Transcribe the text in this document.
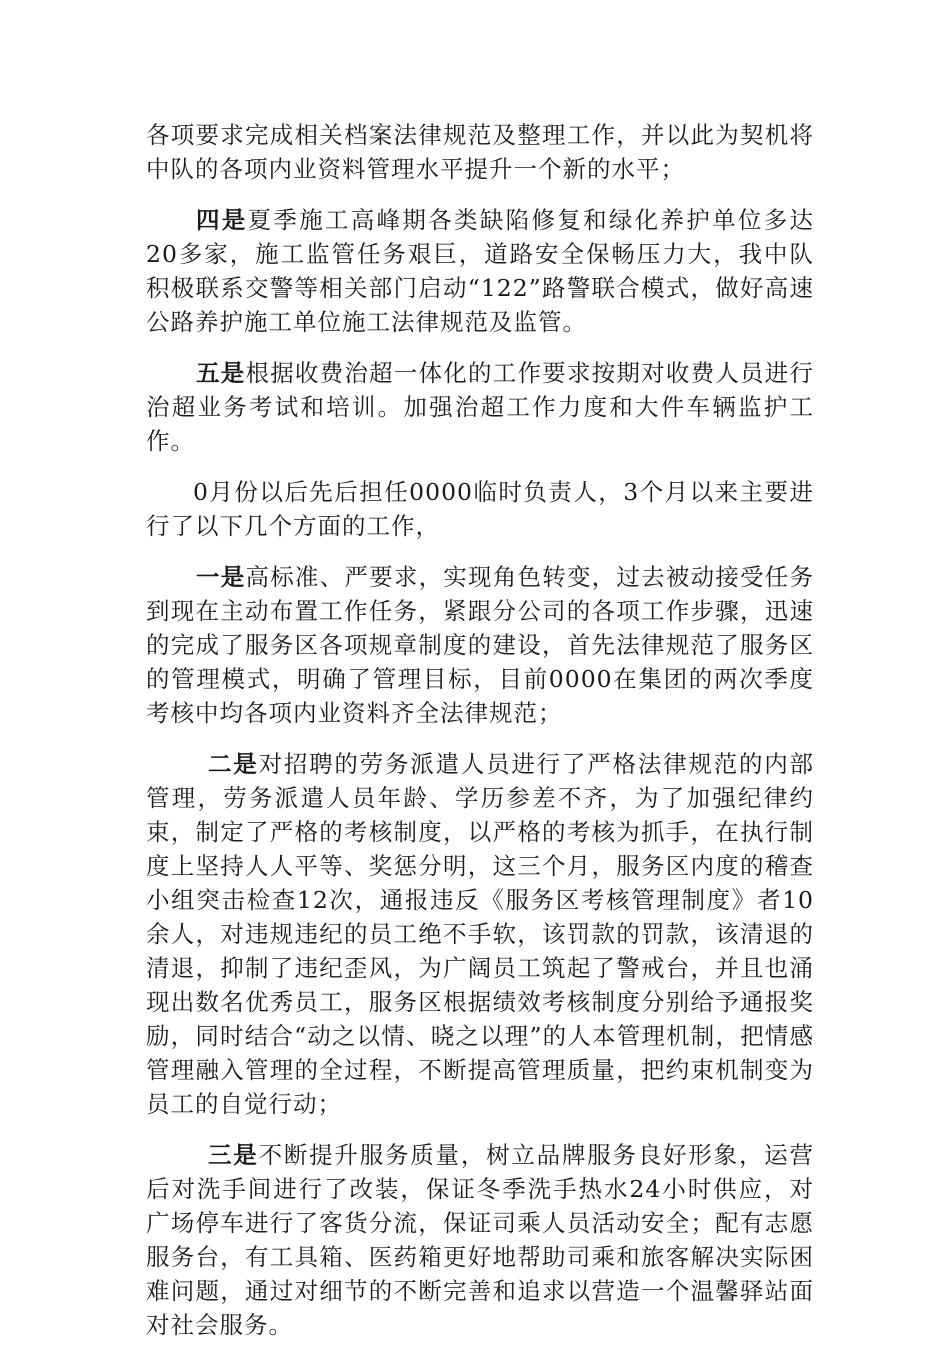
各项要求完成相关档案法律规范及整理工作，并以此为契机将中队的各项内业资料管理水平提升一个新的水平；

四是夏季施工高峰期各类缺陷修复和绿化养护单位多达20多家，施工监管任务艰巨，道路安全保畅压力大，我中队积极联系交警等相关部门启动“122”路警联合模式，做好高速公路养护施工单位施工法律规范及监管。

五是根据收费治超一体化的工作要求按期对收费人员进行治超业务考试和培训。加强治超工作力度和大件车辆监护工作。

0月份以后先后担任0000临时负责人，3个月以来主要进行了以下几个方面的工作，

一是高标准、严要求，实现角色转变，过去被动接受任务到现在主动布置工作任务，紧跟分公司的各项工作步骤，迅速的完成了服务区各项规章制度的建设，首先法律规范了服务区的管理模式，明确了管理目标，目前0000在集团的两次季度考核中均各项内业资料齐全法律规范；

二是对招聘的劳务派遣人员进行了严格法律规范的内部管理，劳务派遣人员年龄、学历参差不齐，为了加强纪律约束，制定了严格的考核制度，以严格的考核为抓手，在执行制度上坚持人人平等、奖惩分明，这三个月，服务区内度的稽查小组突击检查12次，通报违反《服务区考核管理制度》者10余人，对违规违纪的员工绝不手软，该罚款的罚款，该清退的清退，抑制了违纪歪风，为广阔员工筑起了警戒台，并且也涌现出数名优秀员工，服务区根据绩效考核制度分别给予通报奖励，同时结合“动之以情、晓之以理”的人本管理机制，把情感管理融入管理的全过程，不断提高管理质量，把约束机制变为员工的自觉行动；

三是不断提升服务质量，树立品牌服务良好形象，运营后对洗手间进行了改装，保证冬季洗手热水24小时供应，对广场停车进行了客货分流，保证司乘人员活动安全；配有志愿服务台，有工具箱、医药箱更好地帮助司乘和旅客解决实际困难问题，通过对细节的不断完善和追求以营造一个温馨驿站面对社会服务。
